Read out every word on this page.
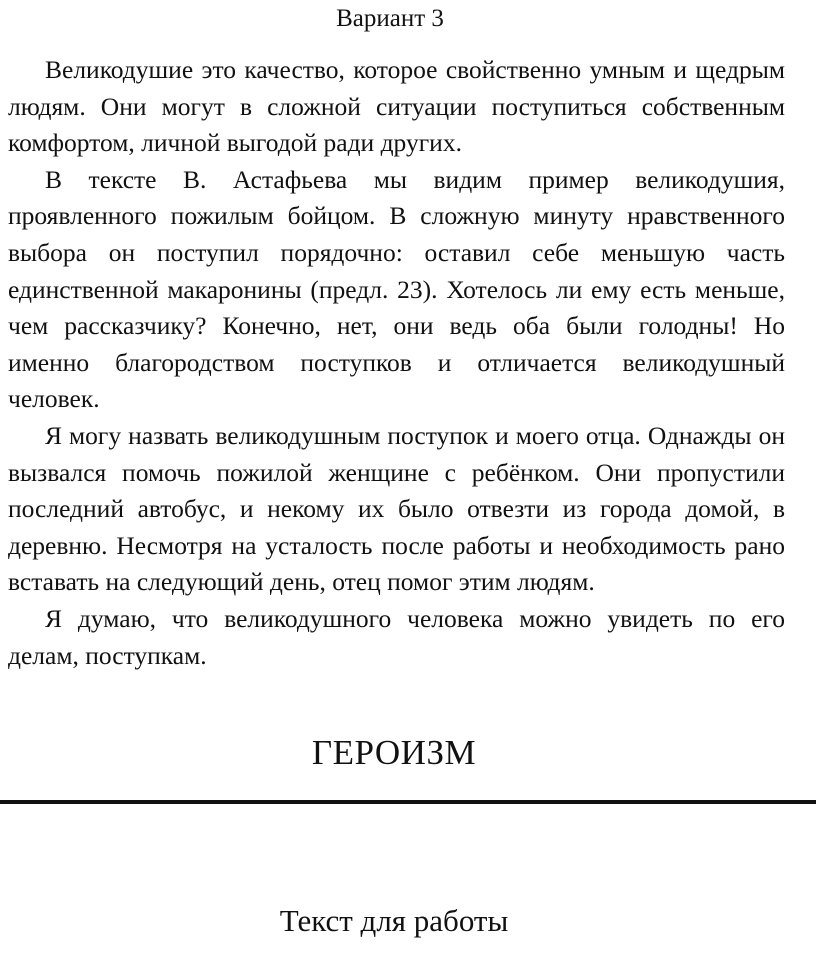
Вариант 3

Великодушие это качество, которое свойственно умным и щедрым людям. Они могут в сложной ситуации поступиться собственным комфортом, личной выгодой ради других.

В тексте В. Астафьева мы видим пример великодушия, проявленного пожилым бойцом. В сложную минуту нравственного выбора он поступил порядочно: оставил себе меньшую часть единственной макаронины (предл. 23). Хотелось ли ему есть меньше, чем рассказчику? Конечно, нет, они ведь оба были голодны! Но именно благородством поступков и отличается великодушный человек.

Я могу назвать великодушным поступок и моего отца. Однажды он вызвался помочь пожилой женщине с ребёнком. Они пропустили последний автобус, и некому их было отвезти из города домой, в деревню. Несмотря на усталость после работы и необходимость рано вставать на следующий день, отец помог этим людям.

Я думаю, что великодушного человека можно увидеть по его делам, поступкам.

ГЕРОИЗМ
Текст для работы
